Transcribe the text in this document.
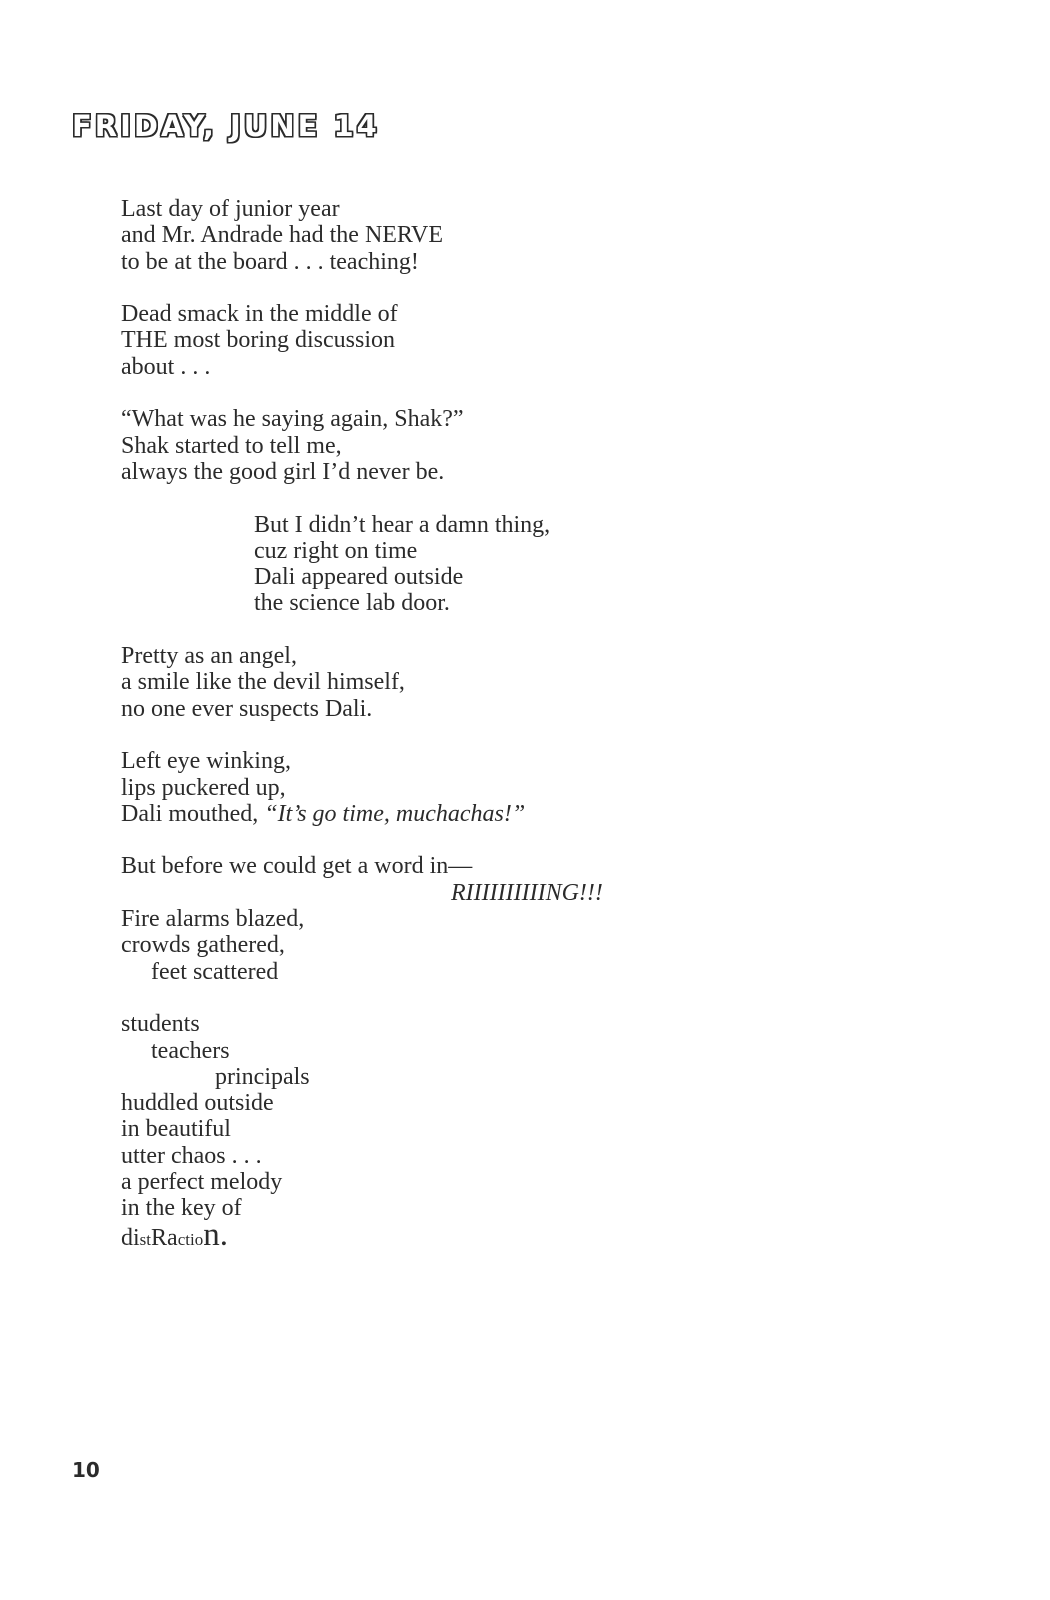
FRIDAY, JUNE 14
Last day of junior year
and Mr. Andrade had the NERVE
to be at the board . . . teaching!
Dead smack in the middle of
THE most boring discussion
about . . .
“What was he saying again, Shak?”
Shak started to tell me,
always the good girl I’d never be.
But I didn’t hear a damn thing,
cuz right on time
Dali appeared outside
the science lab door.
Pretty as an angel,
a smile like the devil himself,
no one ever suspects Dali.
Left eye winking,
lips puckered up,
Dali mouthed, “It’s go time, muchachas!”
But before we could get a word in—
RIIIIIIIIIING!!!
Fire alarms blazed,
crowds gathered,
feet scattered
students
teachers
principals
huddled outside
in beautiful
utter chaos . . .
a perfect melody
in the key of
distRaction.
10
